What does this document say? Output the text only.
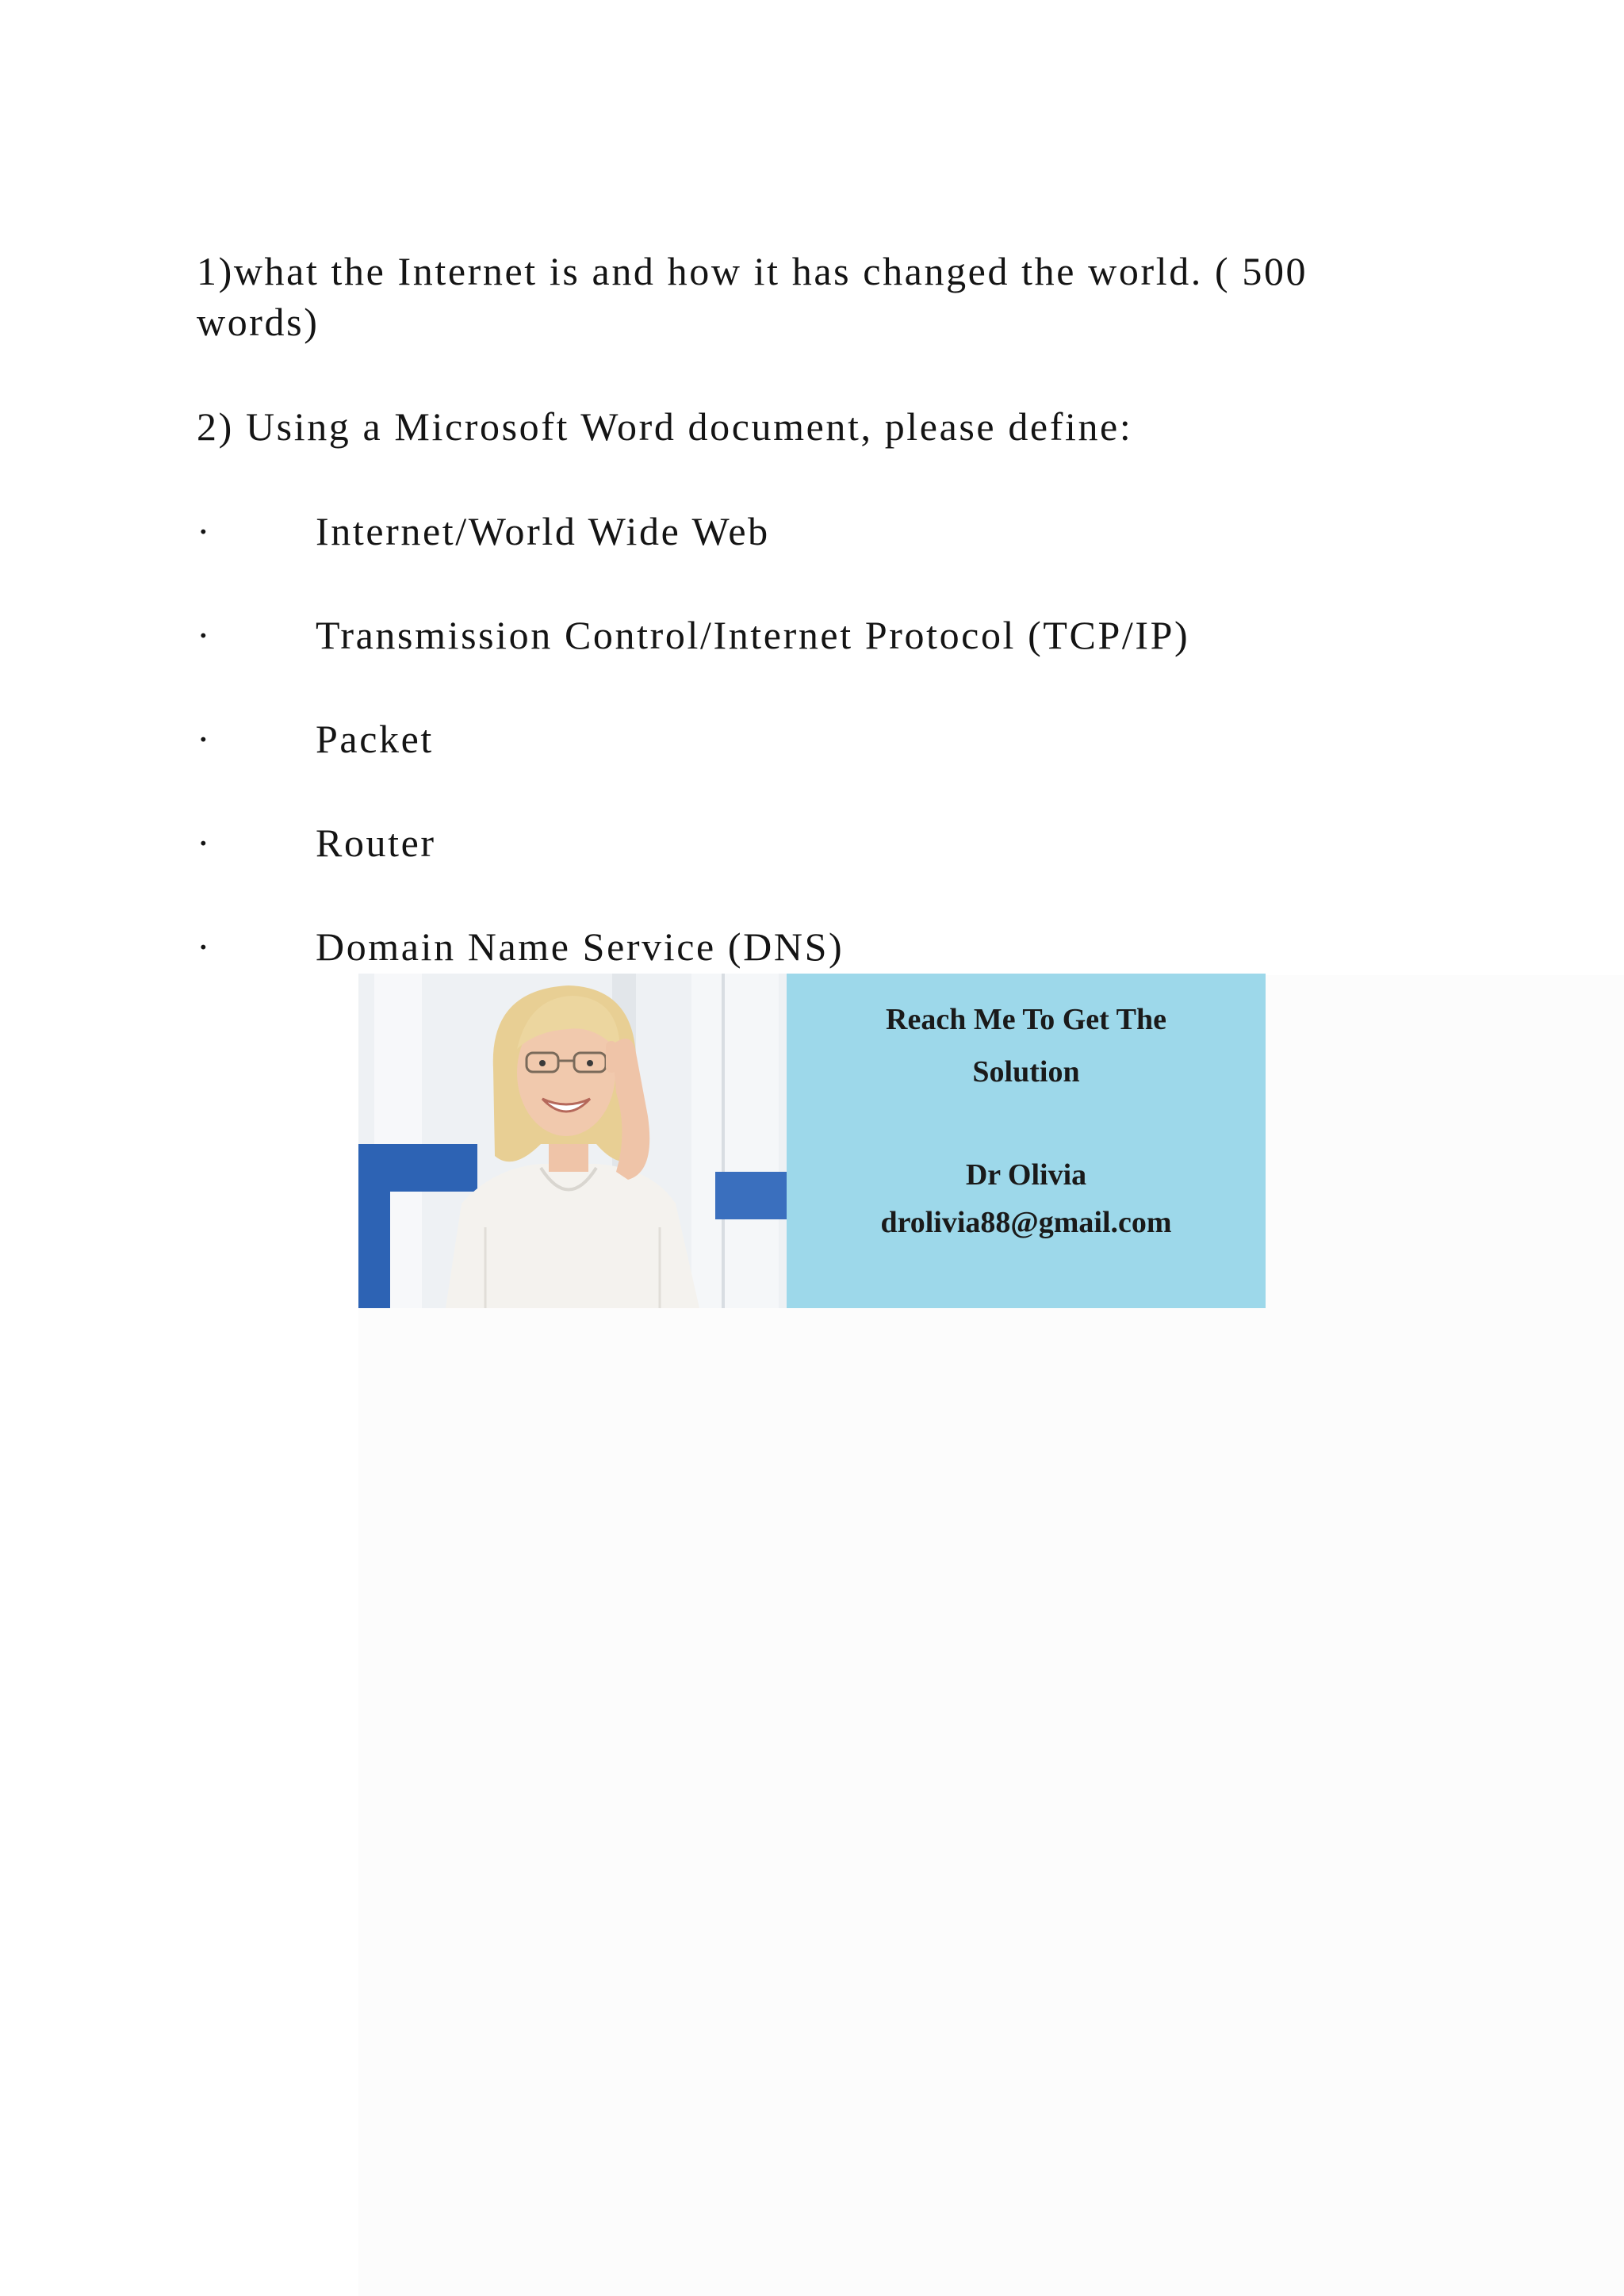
1)what the Internet is and how it has changed the world. ( 500

words)

2) Using a Microsoft Word document, please define:

·	Internet/World Wide Web
·	Transmission Control/Internet Protocol (TCP/IP)
·	Packet
·	Router
·	Domain Name Service (DNS)
Reach Me To Get The
Solution
Dr Olivia
drolivia88@gmail.com
